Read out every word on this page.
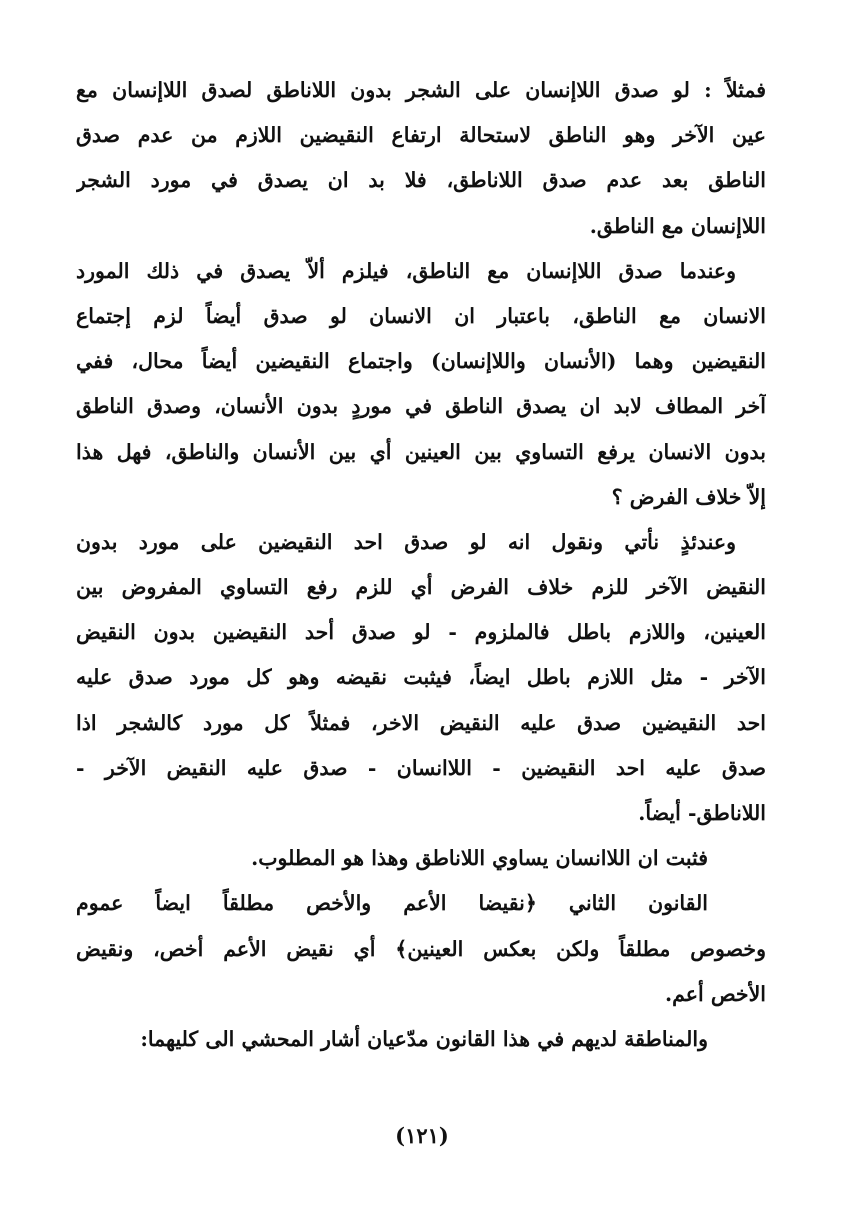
فمثلاً : لو صدق اللاإنسان على الشجر بدون اللاناطق لصدق اللاإنسان مع
عين الآخر وهو الناطق لاستحالة ارتفاع النقيضين اللازم من عدم صدق
الناطق بعد عدم صدق اللاناطق، فلا بد ان يصدق في مورد الشجر
اللاإنسان مع الناطق.
وعندما صدق اللاإنسان مع الناطق، فيلزم ألاّ يصدق في ذلك المورد
الانسان مع الناطق، باعتبار ان الانسان لو صدق أيضاً لزم إجتماع
النقيضين وهما (الأنسان واللاإنسان) واجتماع النقيضين أيضاً محال، ففي
آخر المطاف لابد ان يصدق الناطق في موردٍ بدون الأنسان، وصدق الناطق
بدون الانسان يرفع التساوي بين العينين أي بين الأنسان والناطق، فهل هذا
إلاّ خلاف الفرض ؟
وعندئذٍ نأتي ونقول انه لو صدق احد النقيضين على مورد بدون
النقيض الآخر للزم خلاف الفرض أي للزم رفع التساوي المفروض بين
العينين، واللازم باطل فالملزوم - لو صدق أحد النقيضين بدون النقيض
الآخر - مثل اللازم باطل ايضاً، فيثبت نقيضه وهو كل مورد صدق عليه
احد النقيضين صدق عليه النقيض الاخر، فمثلاً كل مورد كالشجر اذا
صدق عليه احد النقيضين - اللاانسان - صدق عليه النقيض الآخر -
اللاناطق- أيضاً.
فثبت ان اللاانسان يساوي اللاناطق وهذا هو المطلوب.
القانون الثاني ﴿نقيضا الأعم والأخص مطلقاً ايضاً عموم
وخصوص مطلقاً ولكن بعكس العينين﴾ أي نقيض الأعم أخص، ونقيض
الأخص أعم.
والمناطقة لديهم في هذا القانون مدّعيان أشار المحشي الى كليهما:
(١٢١)
